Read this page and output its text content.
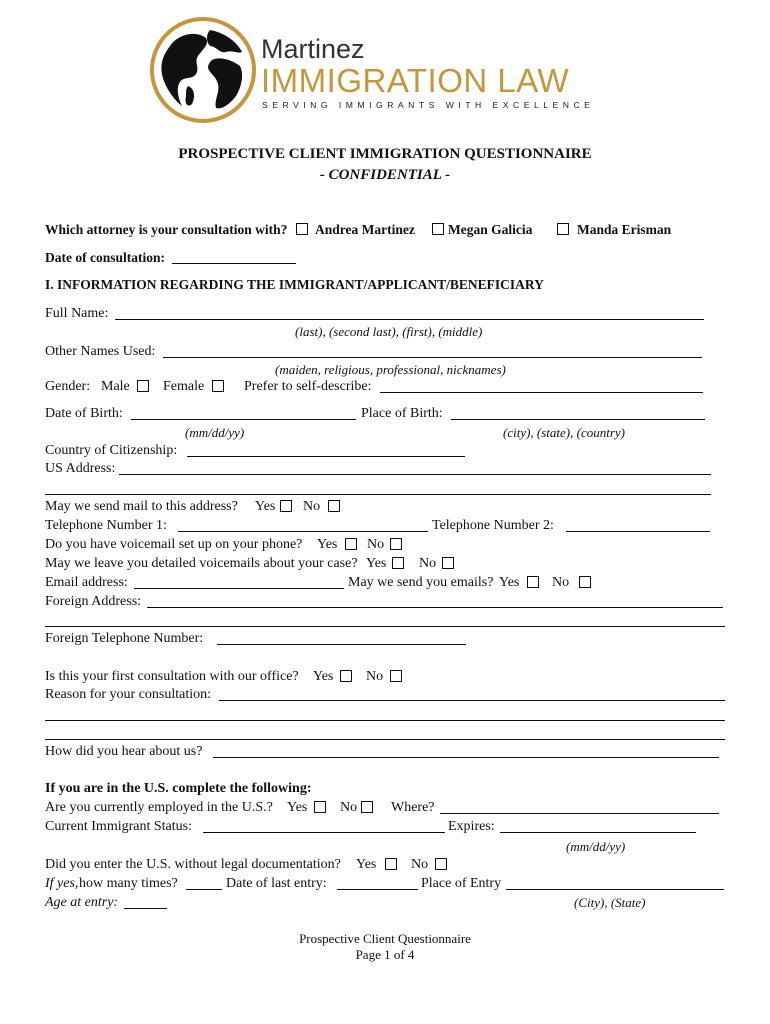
Martinez
IMMIGRATION LAW
SERVING IMMIGRANTS WITH EXCELLENCE
PROSPECTIVE CLIENT IMMIGRATION QUESTIONNAIRE
- CONFIDENTIAL -
Which attorney is your consultation with? Andrea Martinez Megan Galicia	Manda Erisman
Date of consultation:
I. INFORMATION REGARDING THE IMMIGRANT/APPLICANT/BENEFICIARY
Full Name:
(last), (second last), (first), (middle)
Other Names Used:
(maiden, religious, professional, nicknames)
Gender: Male Female	Prefer to self-describe:
Date of Birth:	Place of Birth:
(mm/dd/yy)	(city), (state), (country)
Country of Citizenship:
US Address:
May we send mail to this address? Yes No
Telephone Number 1:	Telephone Number 2:
Do you have voicemail set up on your phone? Yes No
May we leave you detailed voicemails about your case? Yes No
Email address:	May we send you emails? Yes No
Foreign Address:
Foreign Telephone Number:
Is this your first consultation with our office? Yes No
Reason for your consultation:
How did you hear about us?
If you are in the U.S. complete the following:
Are you currently employed in the U.S.? Yes No Where?
Current Immigrant Status:	Expires:
(mm/dd/yy)
Did you enter the U.S. without legal documentation? Yes No
If yes, how many times?	Date of last entry:	Place of Entry
Age at entry:	(City), (State)
Prospective Client Questionnaire
Page 1 of 4
